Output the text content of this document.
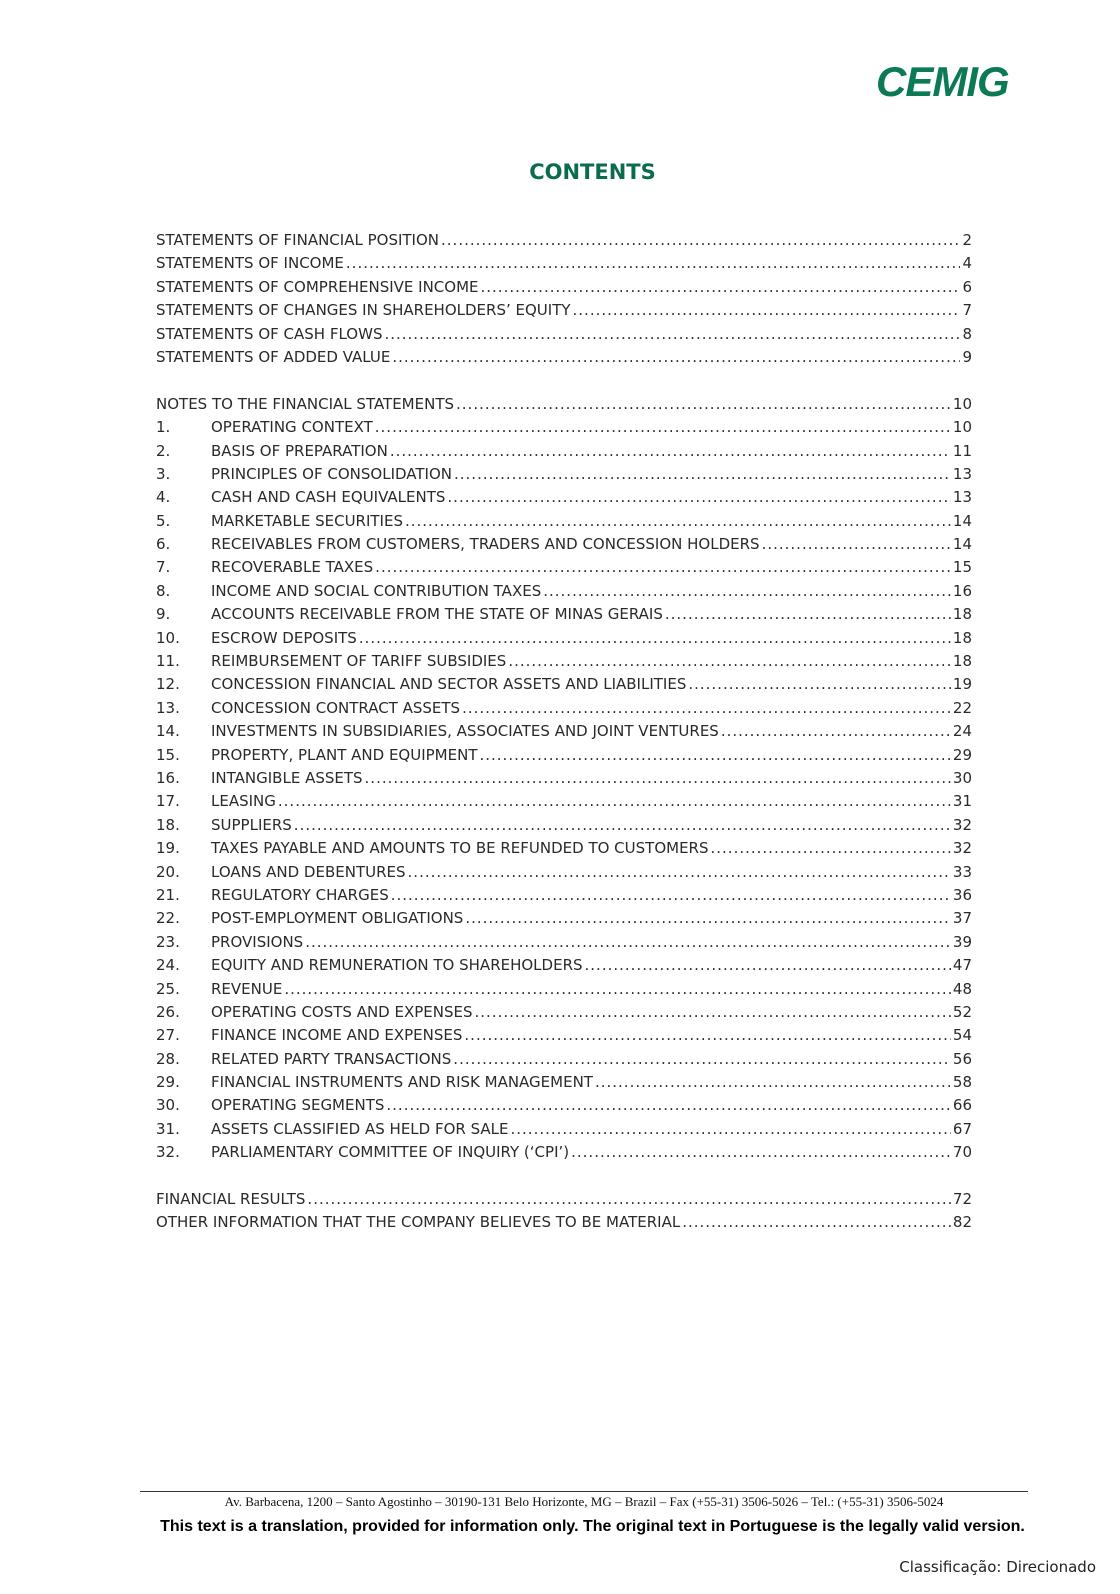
CEMIG
CONTENTS
STATEMENTS OF FINANCIAL POSITION .....	2
STATEMENTS OF INCOME .....	4
STATEMENTS OF COMPREHENSIVE INCOME .....	6
STATEMENTS OF CHANGES IN SHAREHOLDERS’ EQUITY .....	7
STATEMENTS OF CASH FLOWS .....	8
STATEMENTS OF ADDED VALUE .....	9
NOTES TO THE FINANCIAL STATEMENTS .....	10
1.	OPERATING CONTEXT .....	10
2.	BASIS OF PREPARATION .....	11
3.	PRINCIPLES OF CONSOLIDATION .....	13
4.	CASH AND CASH EQUIVALENTS .....	13
5.	MARKETABLE SECURITIES .....	14
6.	RECEIVABLES FROM CUSTOMERS, TRADERS AND CONCESSION HOLDERS .....	14
7.	RECOVERABLE TAXES .....	15
8.	INCOME AND SOCIAL CONTRIBUTION TAXES .....	16
9.	ACCOUNTS RECEIVABLE FROM THE STATE OF MINAS GERAIS .....	18
10.	ESCROW DEPOSITS .....	18
11.	REIMBURSEMENT OF TARIFF SUBSIDIES .....	18
12.	CONCESSION FINANCIAL AND SECTOR ASSETS AND LIABILITIES .....	19
13.	CONCESSION CONTRACT ASSETS .....	22
14.	INVESTMENTS IN SUBSIDIARIES, ASSOCIATES AND JOINT VENTURES .....	24
15.	PROPERTY, PLANT AND EQUIPMENT .....	29
16.	INTANGIBLE ASSETS .....	30
17.	LEASING .....	31
18.	SUPPLIERS .....	32
19.	TAXES PAYABLE AND AMOUNTS TO BE REFUNDED TO CUSTOMERS .....	32
20.	LOANS AND DEBENTURES .....	33
21.	REGULATORY CHARGES .....	36
22.	POST-EMPLOYMENT OBLIGATIONS .....	37
23.	PROVISIONS .....	39
24.	EQUITY AND REMUNERATION TO SHAREHOLDERS .....	47
25.	REVENUE .....	48
26.	OPERATING COSTS AND EXPENSES .....	52
27.	FINANCE INCOME AND EXPENSES .....	54
28.	RELATED PARTY TRANSACTIONS .....	56
29.	FINANCIAL INSTRUMENTS AND RISK MANAGEMENT .....	58
30.	OPERATING SEGMENTS .....	66
31.	ASSETS CLASSIFIED AS HELD FOR SALE .....	67
32.	PARLIAMENTARY COMMITTEE OF INQUIRY (‘CPI’) .....	70
FINANCIAL RESULTS .....	72
OTHER INFORMATION THAT THE COMPANY BELIEVES TO BE MATERIAL .....	82
Av. Barbacena, 1200 – Santo Agostinho – 30190-131 Belo Horizonte, MG – Brazil – Fax (+55-31) 3506-5026 – Tel.: (+55-31) 3506-5024
This text is a translation, provided for information only. The original text in Portuguese is the legally valid version.
Classificação: Direcionado
